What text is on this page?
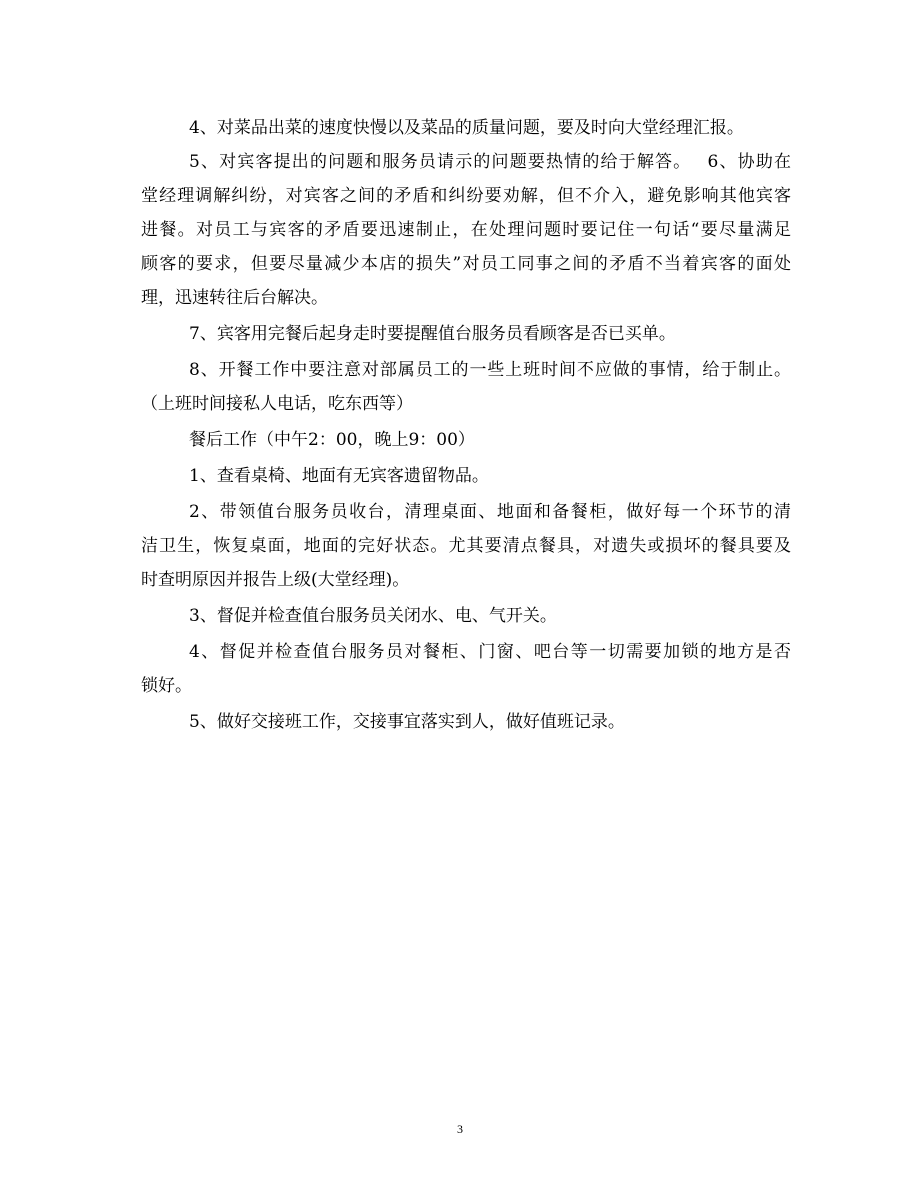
4、对菜品出菜的速度快慢以及菜品的质量问题，要及时向大堂经理汇报。
5、对宾客提出的问题和服务员请示的问题要热情的给于解答。　 6、协助在
堂经理调解纠纷，对宾客之间的矛盾和纠纷要劝解，但不介入，避免影响其他宾客
进餐。对员工与宾客的矛盾要迅速制止，在处理问题时要记住一句话“要尽量满足
顾客的要求，但要尽量减少本店的损失”对员工同事之间的矛盾不当着宾客的面处
理，迅速转往后台解决。
7、宾客用完餐后起身走时要提醒值台服务员看顾客是否已买单。
8、开餐工作中要注意对部属员工的一些上班时间不应做的事情，给于制止。
（上班时间接私人电话，吃东西等）
餐后工作（中午2：00，晚上9：00）
1、查看桌椅、地面有无宾客遗留物品。
2、带领值台服务员收台，清理桌面、地面和备餐柜，做好每一个环节的清
洁卫生，恢复桌面，地面的完好状态。尤其要清点餐具，对遗失或损坏的餐具要及
时查明原因并报告上级(大堂经理)。
3、督促并检查值台服务员关闭水、电、气开关。
4、督促并检查值台服务员对餐柜、门窗、吧台等一切需要加锁的地方是否
锁好。
5、做好交接班工作，交接事宜落实到人，做好值班记录。
3
